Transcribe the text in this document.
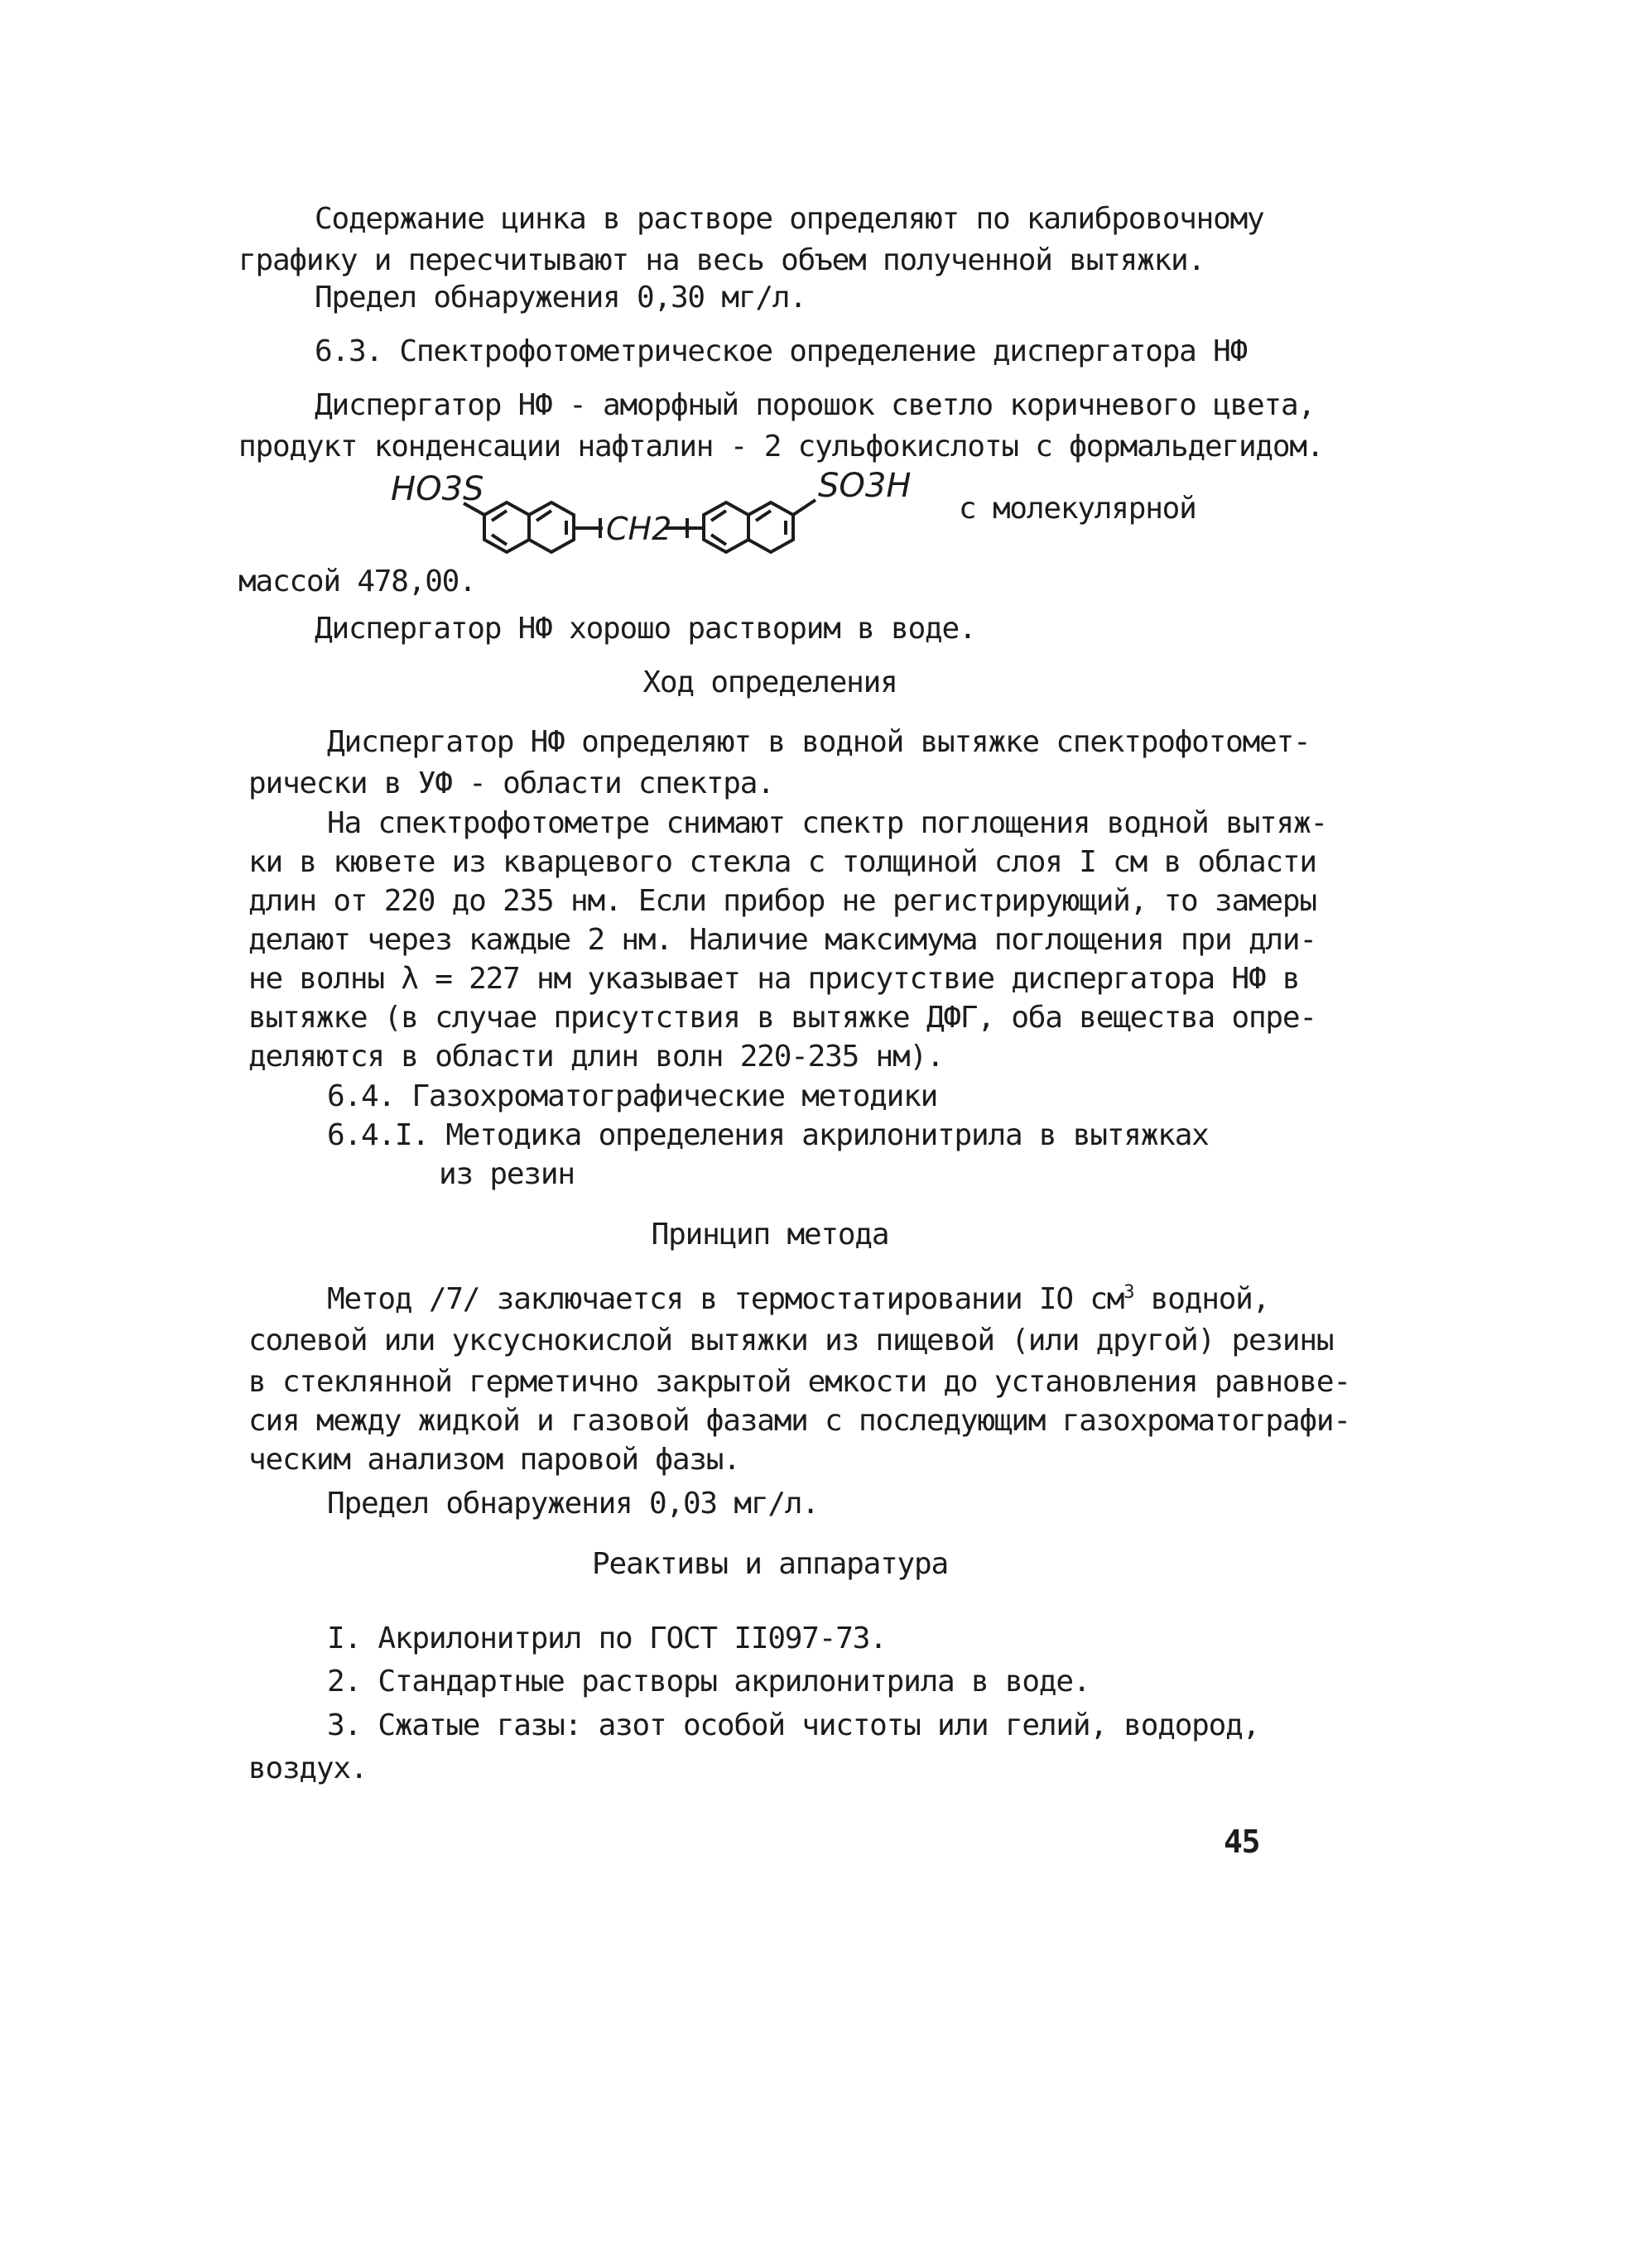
Содержание цинка в растворе определяют по калибровочному
графику и пересчитывают на весь объем полученной вытяжки.
Предел обнаружения 0,30 мг/л.
6.3. Спектрофотометрическое определение диспергатора НФ
Диспергатор НФ - аморфный порошок светло коричневого цвета,
продукт конденсации нафталин - 2 сульфокислоты с формальдегидом.
HO3S
CH2
SO3H
с молекулярной
массой 478,00.
Диспергатор НФ хорошо растворим в воде.
Ход определения
Диспергатор НФ определяют в водной вытяжке спектрофотомет-
рически в УФ - области спектра.
На спектрофотометре снимают спектр поглощения водной вытяж-
ки в кювете из кварцевого стекла с толщиной слоя I см в области
длин от 220 до 235 нм. Если прибор не регистрирующий, то замеры
делают через каждые 2 нм. Наличие максимума поглощения при дли-
не волны λ = 227 нм указывает на присутствие диспергатора НФ в
вытяжке (в случае присутствия в вытяжке ДФГ, оба вещества опре-
деляются в области длин волн 220-235 нм).
6.4. Газохроматографические методики
6.4.I. Методика определения акрилонитрила в вытяжках
из резин
Принцип метода
Метод /7/ заключается в термостатировании IO $см^3$ водной,
солевой или уксуснокислой вытяжки из пищевой (или другой) резины
в стеклянной герметично закрытой емкости до установления равнове-
сия между жидкой и газовой фазами с последующим газохроматографи-
ческим анализом паровой фазы.
Предел обнаружения 0,03 мг/л.
Реактивы и аппаратура
I. Акрилонитрил по ГОСТ II097-73.
2. Стандартные растворы акрилонитрила в воде.
3. Сжатые газы: азот особой чистоты или гелий, водород,
воздух.
45
